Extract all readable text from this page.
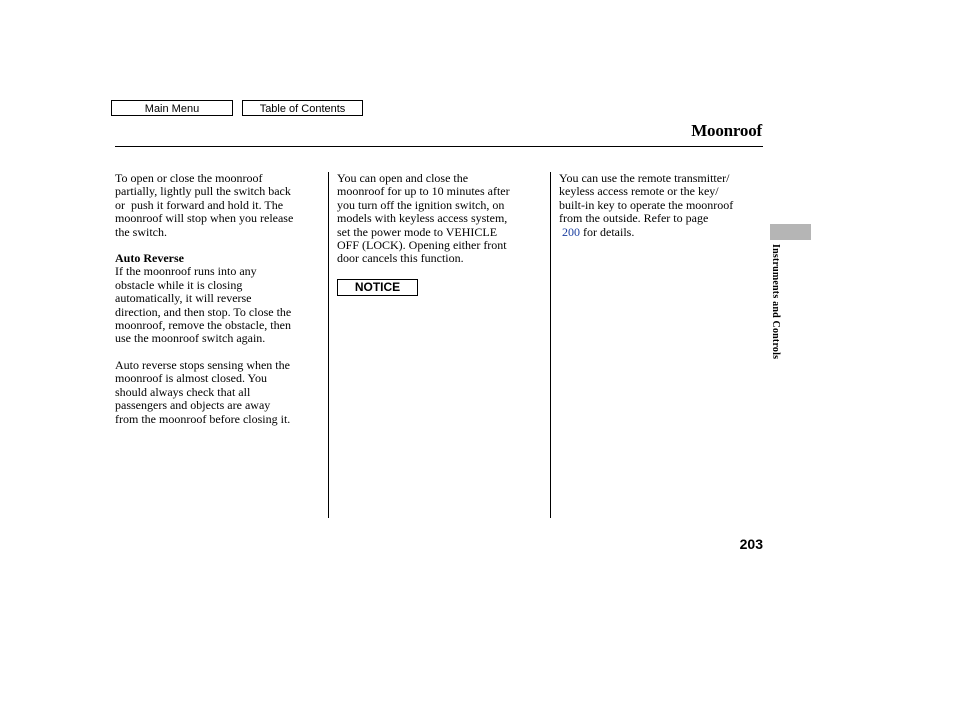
Main Menu	Table of Contents
Moonroof

To open or close the moonroof
partially, lightly pull the switch back
or  push it forward and hold it. The
moonroof will stop when you release
the switch.

Auto Reverse

If the moonroof runs into any
obstacle while it is closing
automatically, it will reverse
direction, and then stop. To close the
moonroof, remove the obstacle, then
use the moonroof switch again.

Auto reverse stops sensing when the
moonroof is almost closed. You
should always check that all
passengers and objects are away
from the moonroof before closing it.

You can open and close the
moonroof for up to 10 minutes after
you turn off the ignition switch, on
models with keyless access system,
set the power mode to VEHICLE
OFF (LOCK). Opening either front
door cancels this function.

NOTICE

You can use the remote transmitter/
keyless access remote or the key/
built-in key to operate the moonroof
from the outside. Refer to page
200 for details.

Instruments and Controls
203
